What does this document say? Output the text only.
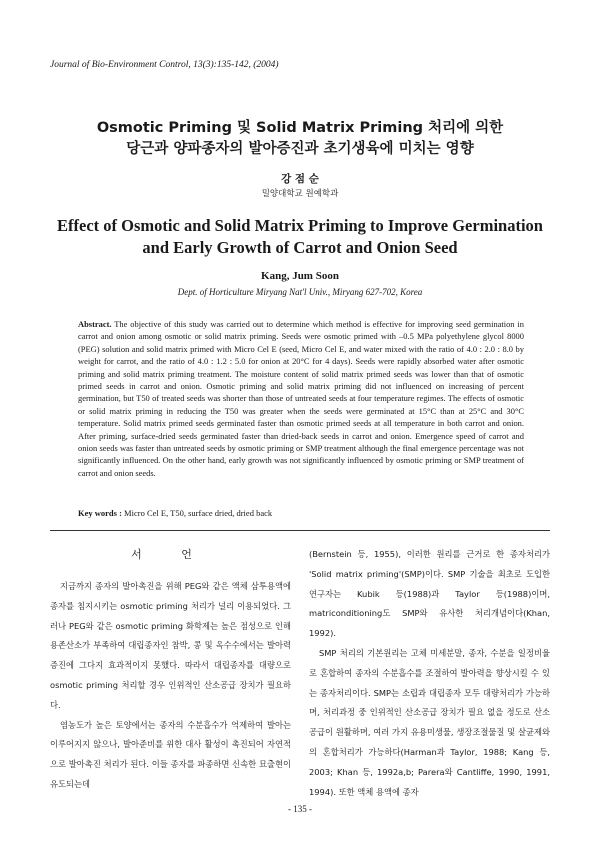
Journal of Bio-Environment Control, 13(3):135-142, (2004)
Osmotic Priming 및 Solid Matrix Priming 처리에 의한
당근과 양파종자의 발아증진과 초기생육에 미치는 영향
강 점 순
밀양대학교 원예학과
Effect of Osmotic and Solid Matrix Priming to Improve Germination
and Early Growth of Carrot and Onion Seed
Kang, Jum Soon
Dept. of Horticulture Miryang Nat'l Univ., Miryang 627-702, Korea
Abstract. The objective of this study was carried out to determine which method is effective for improving seed germination in carrot and onion among osmotic or solid matrix priming. Seeds were osmotic primed with –0.5 MPa polyethylene glycol 8000 (PEG) solution and solid matrix primed with Micro Cel E (seed, Micro Cel E, and water mixed with the ratio of 4.0 : 2.0 : 8.0 by weight for carrot, and the ratio of 4.0 : 1.2 : 5.0 for onion at 20°C for 4 days). Seeds were rapidly absorbed water after osmotic priming and solid matrix priming treatment. The moisture content of solid matrix primed seeds was lower than that of osmotic primed seeds in carrot and onion. Osmotic priming and solid matrix priming did not influenced on increasing of percent germination, but T50 of treated seeds was shorter than those of untreated seeds at four temperature regimes. The effects of osmotic or solid matrix priming in reducing the T50 was greater when the seeds were germinated at 15°C than at 25°C and 30°C temperature. Solid matrix primed seeds germinated faster than osmotic primed seeds at all temperature in both carrot and onion. After priming, surface-dried seeds germinated faster than dried-back seeds in carrot and onion. Emergence speed of carrot and onion seeds was faster than untreated seeds by osmotic priming or SMP treatment although the final emergence percentage was not significantly influenced. On the other hand, early growth was not significantly influenced by osmotic priming or SMP treatment of carrot and onion seeds.
Key words : Micro Cel E, T50, surface dried, dried back
서 언

지금까지 종자의 발아촉진을 위해 PEG와 같은 액체 삼투용액에 종자를 침지시키는 osmotic priming 처리가 널리 이용되었다. 그러나 PEG와 같은 osmotic priming 화학제는 높은 점성으로 인해 용존산소가 부족하여 대립종자인 참박, 콩 및 옥수수에서는 발아력 증진에 그다지 효과적이지 못했다. 따라서 대립종자를 대량으로 osmotic priming 처리할 경우 인위적인 산소공급 장치가 필요하다.

염농도가 높은 토양에서는 종자의 수분흡수가 억제하여 발아는 이루어지지 않으나, 발아준비를 위한 대사 활성이 촉진되어 자연적으로 발아촉진 처리가 된다. 이들 종자를 파종하면 신속한 묘출현이 유도되는데

(Bernstein 등, 1955), 이러한 원리를 근거로 한 종자처리가 'Solid matrix priming'(SMP)이다. SMP 기술을 최초로 도입한 연구자는 Kubik 등(1988)과 Taylor 등(1988)이며, matriconditioning도 SMP와 유사한 처리개념이다(Khan, 1992).

SMP 처리의 기본원리는 고체 미세분말, 종자, 수분을 일정비율로 혼합하여 종자의 수분흡수를 조절하여 발아력을 향상시킬 수 있는 종자처리이다. SMP는 소립과 대립종자 모두 대량처리가 가능하며, 처리과정 중 인위적인 산소공급 장치가 필요 없을 정도로 산소공급이 원활하며, 여러 가지 유용미생물, 생장조절물질 및 살균제와의 혼합처리가 가능하다(Harman과 Taylor, 1988; Kang 등, 2003; Khan 등, 1992a,b; Parera와 Cantliffe, 1990, 1991, 1994). 또한 액체 용액에 종자

- 135 -
